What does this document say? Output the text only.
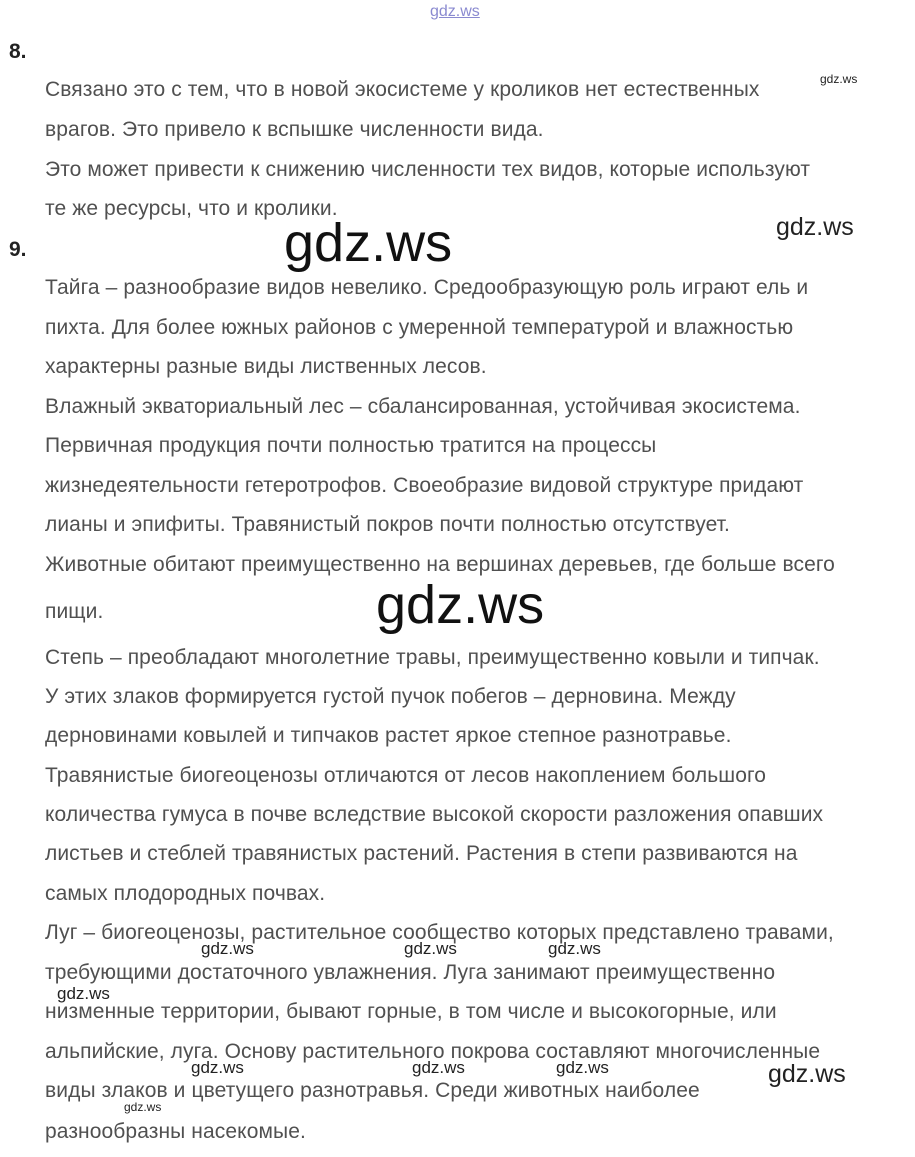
gdz.ws
8.
Связано это с тем, что в новой экосистеме у кроликов нет естественных
врагов. Это привело к вспышке численности вида.
Это может привести к снижению численности тех видов, которые используют
те же ресурсы, что и кролики.
9.
Тайга – разнообразие видов невелико. Средообразующую роль играют ель и
пихта. Для более южных районов с умеренной температурой и влажностью
характерны разные виды лиственных лесов.
Влажный экваториальный лес – сбалансированная, устойчивая экосистема.
Первичная продукция почти полностью тратится на процессы
жизнедеятельности гетеротрофов. Своеобразие видовой структуре придают
лианы и эпифиты. Травянистый покров почти полностью отсутствует.
Животные обитают преимущественно на вершинах деревьев, где больше всего
пищи.
Степь – преобладают многолетние травы, преимущественно ковыли и типчак.
У этих злаков формируется густой пучок побегов – дерновина. Между
дерновинами ковылей и типчаков растет яркое степное разнотравье.
Травянистые биогеоценозы отличаются от лесов накоплением большого
количества гумуса в почве вследствие высокой скорости разложения опавших
листьев и стеблей травянистых растений. Растения в степи развиваются на
самых плодородных почвах.
Луг – биогеоценозы, растительное сообщество которых представлено травами,
требующими достаточного увлажнения. Луга занимают преимущественно
низменные территории, бывают горные, в том числе и высокогорные, или
альпийские, луга. Основу растительного покрова составляют многочисленные
виды злаков и цветущего разнотравья. Среди животных наиболее
разнообразны насекомые.
gdz.ws
gdz.ws	gdz.ws
gdz.ws
gdz.ws	gdz.ws	gdz.ws
gdz.ws
gdz.ws	gdz.ws	gdz.ws	gdz.ws
gdz.ws
